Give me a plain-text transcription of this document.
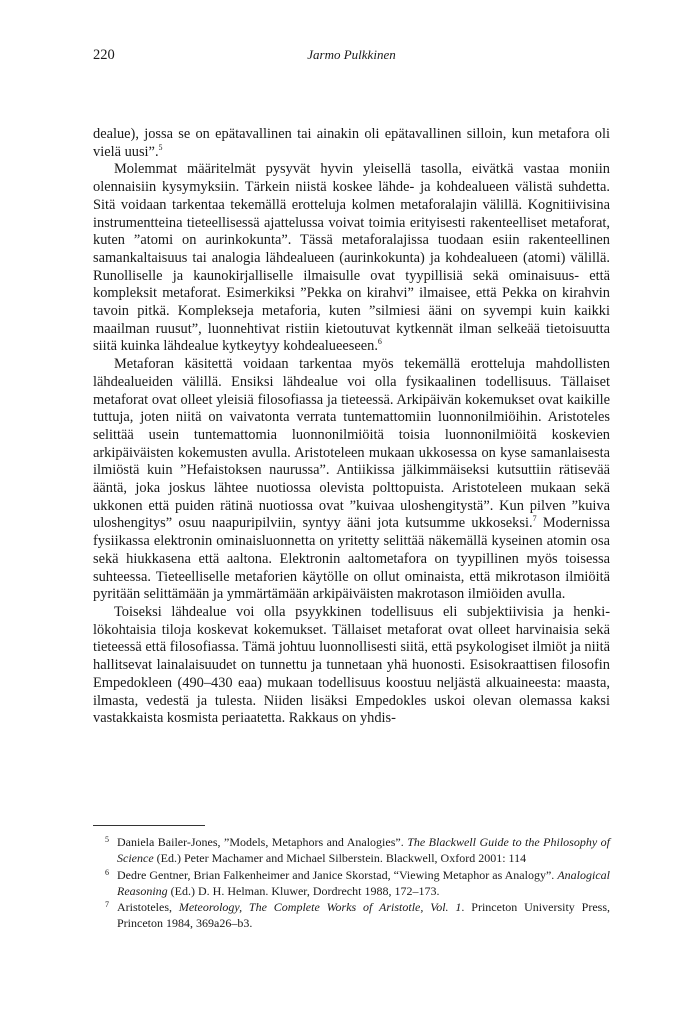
220	Jarmo Pulkkinen

dealue), jossa se on epätavallinen tai ainakin oli epätavallinen silloin, kun metafora oli vielä uusi”.$^5$

Molemmat määritelmät pysyvät hyvin yleisellä tasolla, eivätkä vastaa moniin olennaisiin kysymyksiin. Tärkein niistä koskee lähde- ja kohdealueen välistä suhdetta. Sitä voidaan tarkentaa tekemällä erotteluja kolmen metaforalajin välillä. Kognitiivisina instrumentteina tieteellisessä ajattelussa voivat toimia erityisesti rakenteelliset metaforat, kuten ”atomi on aurinkokunta”. Tässä metaforalajissa tuodaan esiin rakenteellinen samankaltaisuus tai analogia lähdealueen (aurinkokunta) ja kohdealueen (atomi) välillä. Runolliselle ja kaunokirjalliselle ilmaisulle ovat tyypillisiä sekä ominaisuus- että kompleksit metaforat. Esimerkiksi ”Pekka on kirahvi” ilmaisee, että Pekka on kirahvin tavoin pitkä. Komplekseja metaforia, kuten ”silmiesi ääni on syvempi kuin kaikki maailman ruusut”, luonnehtivat ristiin kietoutuvat kytkennät ilman selkeää tietoisuutta siitä kuinka lähdealue kytkeytyy kohdealueeseen.$^6$

Metaforan käsitettä voidaan tarkentaa myös tekemällä erotteluja mahdollisten lähdealueiden välillä. Ensiksi lähdealue voi olla fysikaalinen todellisuus. Tällaiset metaforat ovat olleet yleisiä filosofiassa ja tieteessä. Arkipäivän kokemukset ovat kaikille tuttuja, joten niitä on vaivatonta verrata tuntemattomiin luonnonilmiöihin. Aristoteles selittää usein tuntemattomia luonnonilmiöitä toisia luonnonilmiöitä koskevien arkipäiväisten kokemusten avulla. Aristoteleen mukaan ukkosessa on kyse samanlaisesta ilmiöstä kuin ”Hefaistoksen naurussa”. Antiikissa jälkimmäiseksi kutsuttiin rätisevää ääntä, joka joskus lähtee nuotiossa olevista polttopuista. Aristoteleen mukaan sekä ukkonen että puiden rätinä nuotiossa ovat ”kuivaa uloshengitystä”. Kun pilven ”kuiva uloshengitys” osuu naapuripilviin, syntyy ääni jota kutsumme ukkoseksi.$^7$ Modernissa fysiikassa elektronin ominaisluonnetta on yritetty selittää näkemällä kyseinen atomin osa sekä hiukkasena että aaltona. Elektronin aaltometafora on tyypillinen myös toisessa suhteessa. Tieteelliselle metaforien käytölle on ollut ominaista, että mikrotason ilmiöitä pyritään selittämään ja ymmärtämään arkipäiväisten makrotason ilmiöiden avulla.

Toiseksi lähdealue voi olla psyykkinen todellisuus eli subjektiivisia ja henkilökohtaisia tiloja koskevat kokemukset. Tällaiset metaforat ovat olleet harvinaisia sekä tieteessä että filosofiassa. Tämä johtuu luonnollisesti siitä, että psykologiset ilmiöt ja niitä hallitsevat lainalaisuudet on tunnettu ja tunnetaan yhä huonosti. Esisokraattisen filosofin Empedokleen (490–430 eaa) mukaan todellisuus koostuu neljästä alkuaineesta: maasta, ilmasta, vedestä ja tulesta. Niiden lisäksi Empedokles uskoi olevan olemassa kaksi vastakkaista kosmista periaatetta. Rakkaus on yhdis-

5 Daniela Bailer-Jones, ”Models, Metaphors and Analogies”. The Blackwell Guide to the Philosophy of Science (Ed.) Peter Machamer and Michael Silberstein. Blackwell, Oxford 2001: 114

6 Dedre Gentner, Brian Falkenheimer and Janice Skorstad, “Viewing Metaphor as Analogy”. Analogical Reasoning (Ed.) D. H. Helman. Kluwer, Dordrecht 1988, 172–173.

7 Aristoteles, Meteorology, The Complete Works of Aristotle, Vol. 1. Princeton University Press, Princeton 1984, 369a26–b3.
